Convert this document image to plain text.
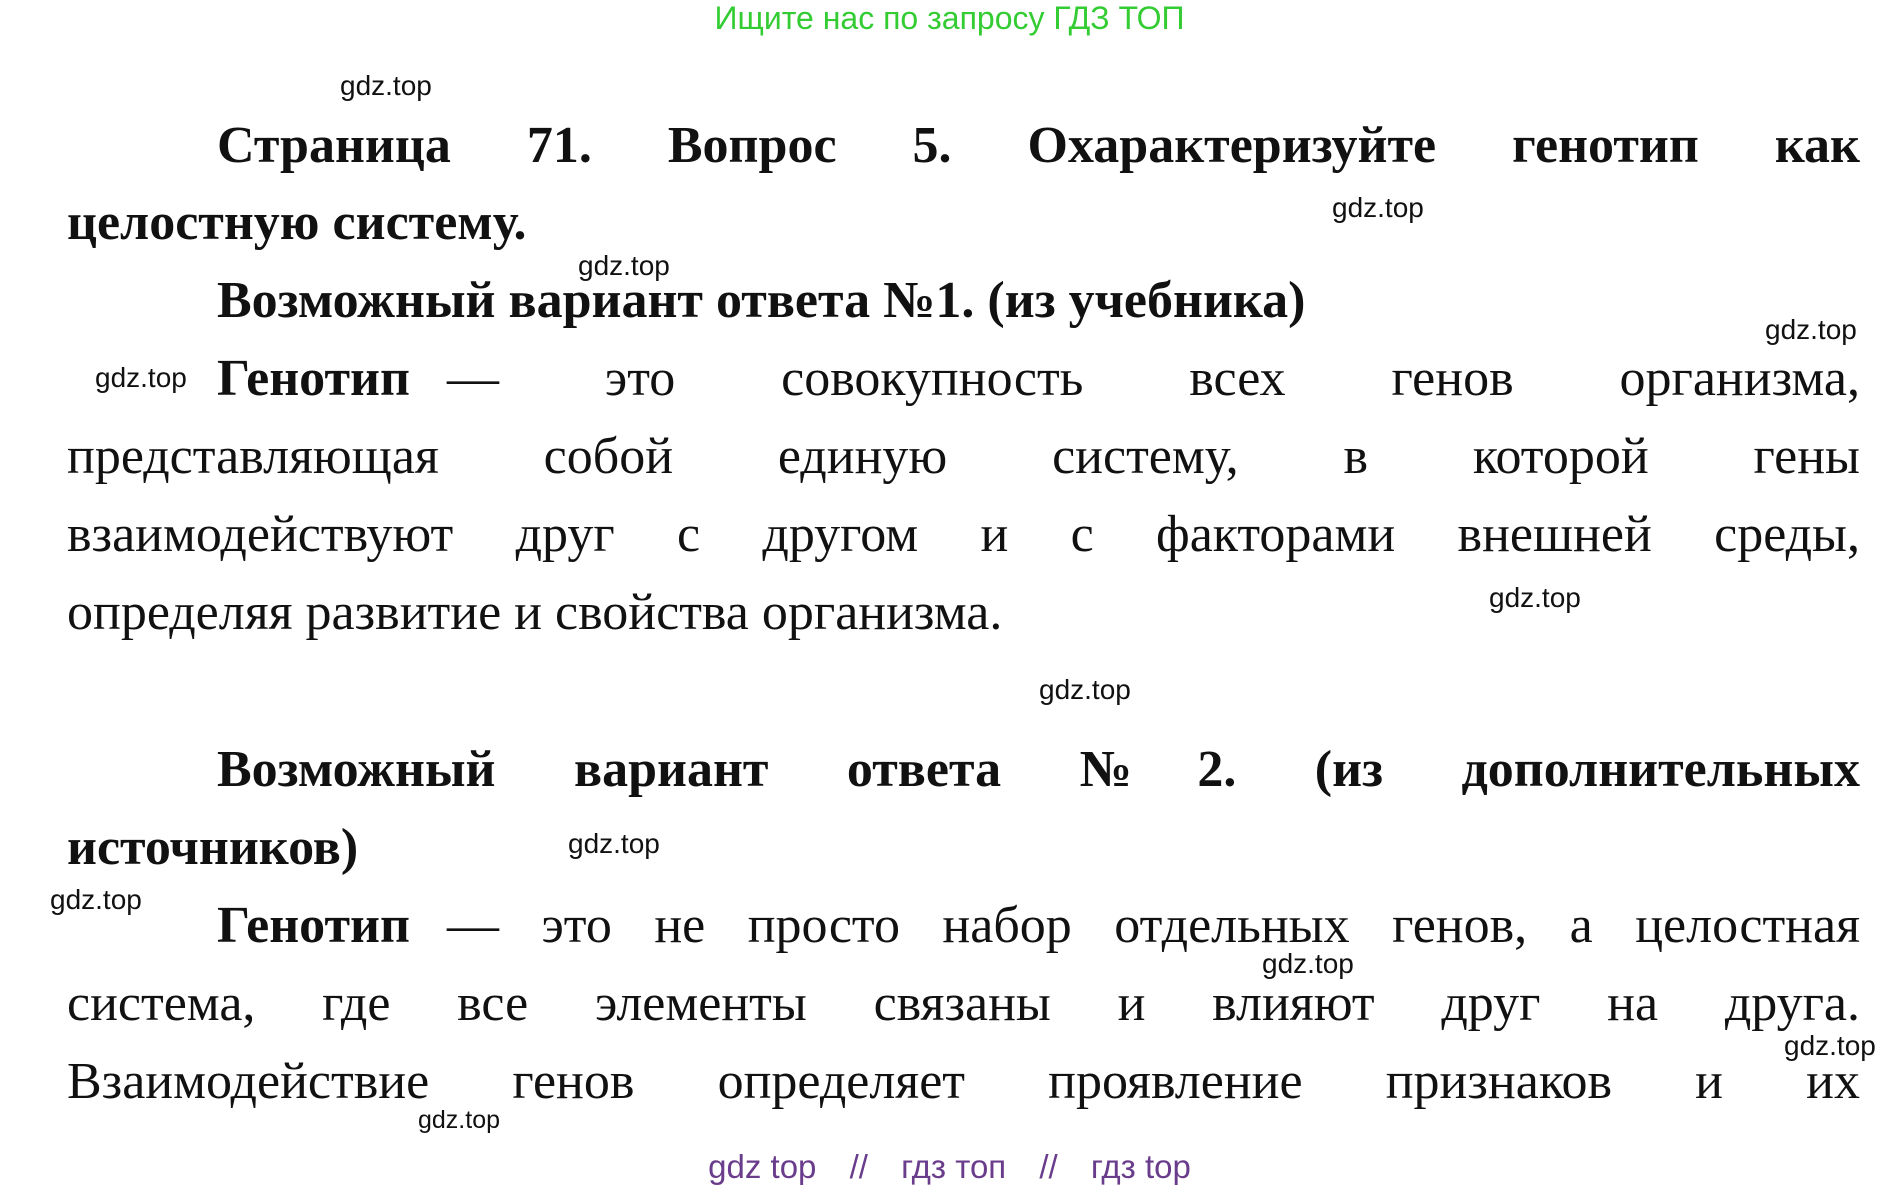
Ищите нас по запросу ГДЗ ТОП
gdz.top
gdz.top
gdz.top
gdz.top
gdz.top
gdz.top
gdz.top
gdz.top
gdz.top
gdz.top
gdz.top
gdz.top
Страница 71. Вопрос 5. Охарактеризуйте генотип как
целостную систему.
Возможный вариант ответа №1. (из учебника)
Генотип — это совокупность всех генов организма,
представляющая собой единую систему, в которой гены
взаимодействуют друг с другом и с факторами внешней среды,
определяя развитие и свойства организма.
Возможный вариант ответа №2. (из дополнительных
источников)
Генотип — это не просто набор отдельных генов, а целостная
система, где все элементы связаны и влияют друг на друга.
Взаимодействие генов определяет проявление признаков и их
gdz top // гдз топ // гдз top
